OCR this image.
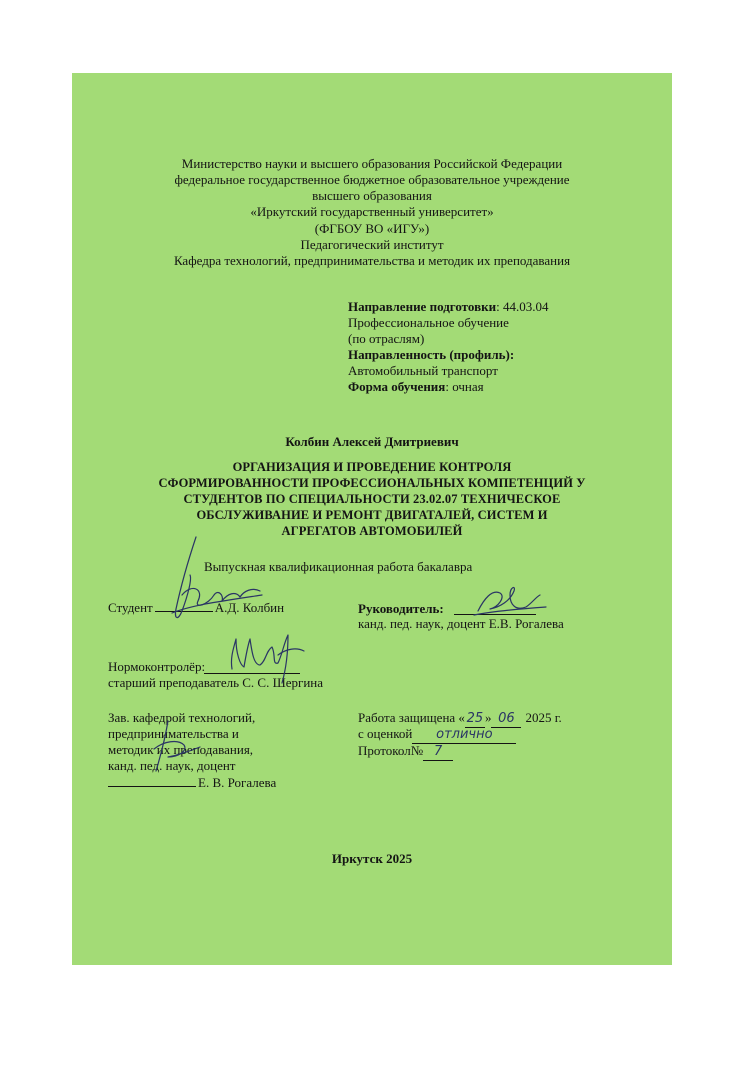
Министерство науки и высшего образования Российской Федерации
федеральное государственное бюджетное образовательное учреждение
высшего образования
«Иркутский государственный университет»
(ФГБОУ ВО «ИГУ»)
Педагогический институт
Кафедра технологий, предпринимательства и методик их преподавания
Направление подготовки: 44.03.04
Профессиональное обучение
(по отраслям)
Направленность (профиль):
Автомобильный транспорт
Форма обучения: очная
Колбин Алексей Дмитриевич
ОРГАНИЗАЦИЯ И ПРОВЕДЕНИЕ КОНТРОЛЯ
СФОРМИРОВАННОСТИ ПРОФЕССИОНАЛЬНЫХ КОМПЕТЕНЦИЙ У
СТУДЕНТОВ ПО СПЕЦИАЛЬНОСТИ 23.02.07 ТЕХНИЧЕСКОЕ
ОБСЛУЖИВАНИЕ И РЕМОНТ ДВИГАТАЛЕЙ, СИСТЕМ И
АГРЕГАТОВ АВТОМОБИЛЕЙ
Выпускная квалификационная работа бакалавра
Студент	А.Д. Колбин	Руководитель:
канд. пед. наук, доцент Е.В. Рогалева
Нормоконтролёр:
старший преподаватель С. С. Шергина
Зав. кафедрой технологий,
предпринимательства и
методик их преподавания,
канд. пед. наук, доцент
Е. В. Рогалева
Работа защищена « 25 » 06 2025 г.
с оценкой отлично
Протокол№ 7
Иркутск 2025
